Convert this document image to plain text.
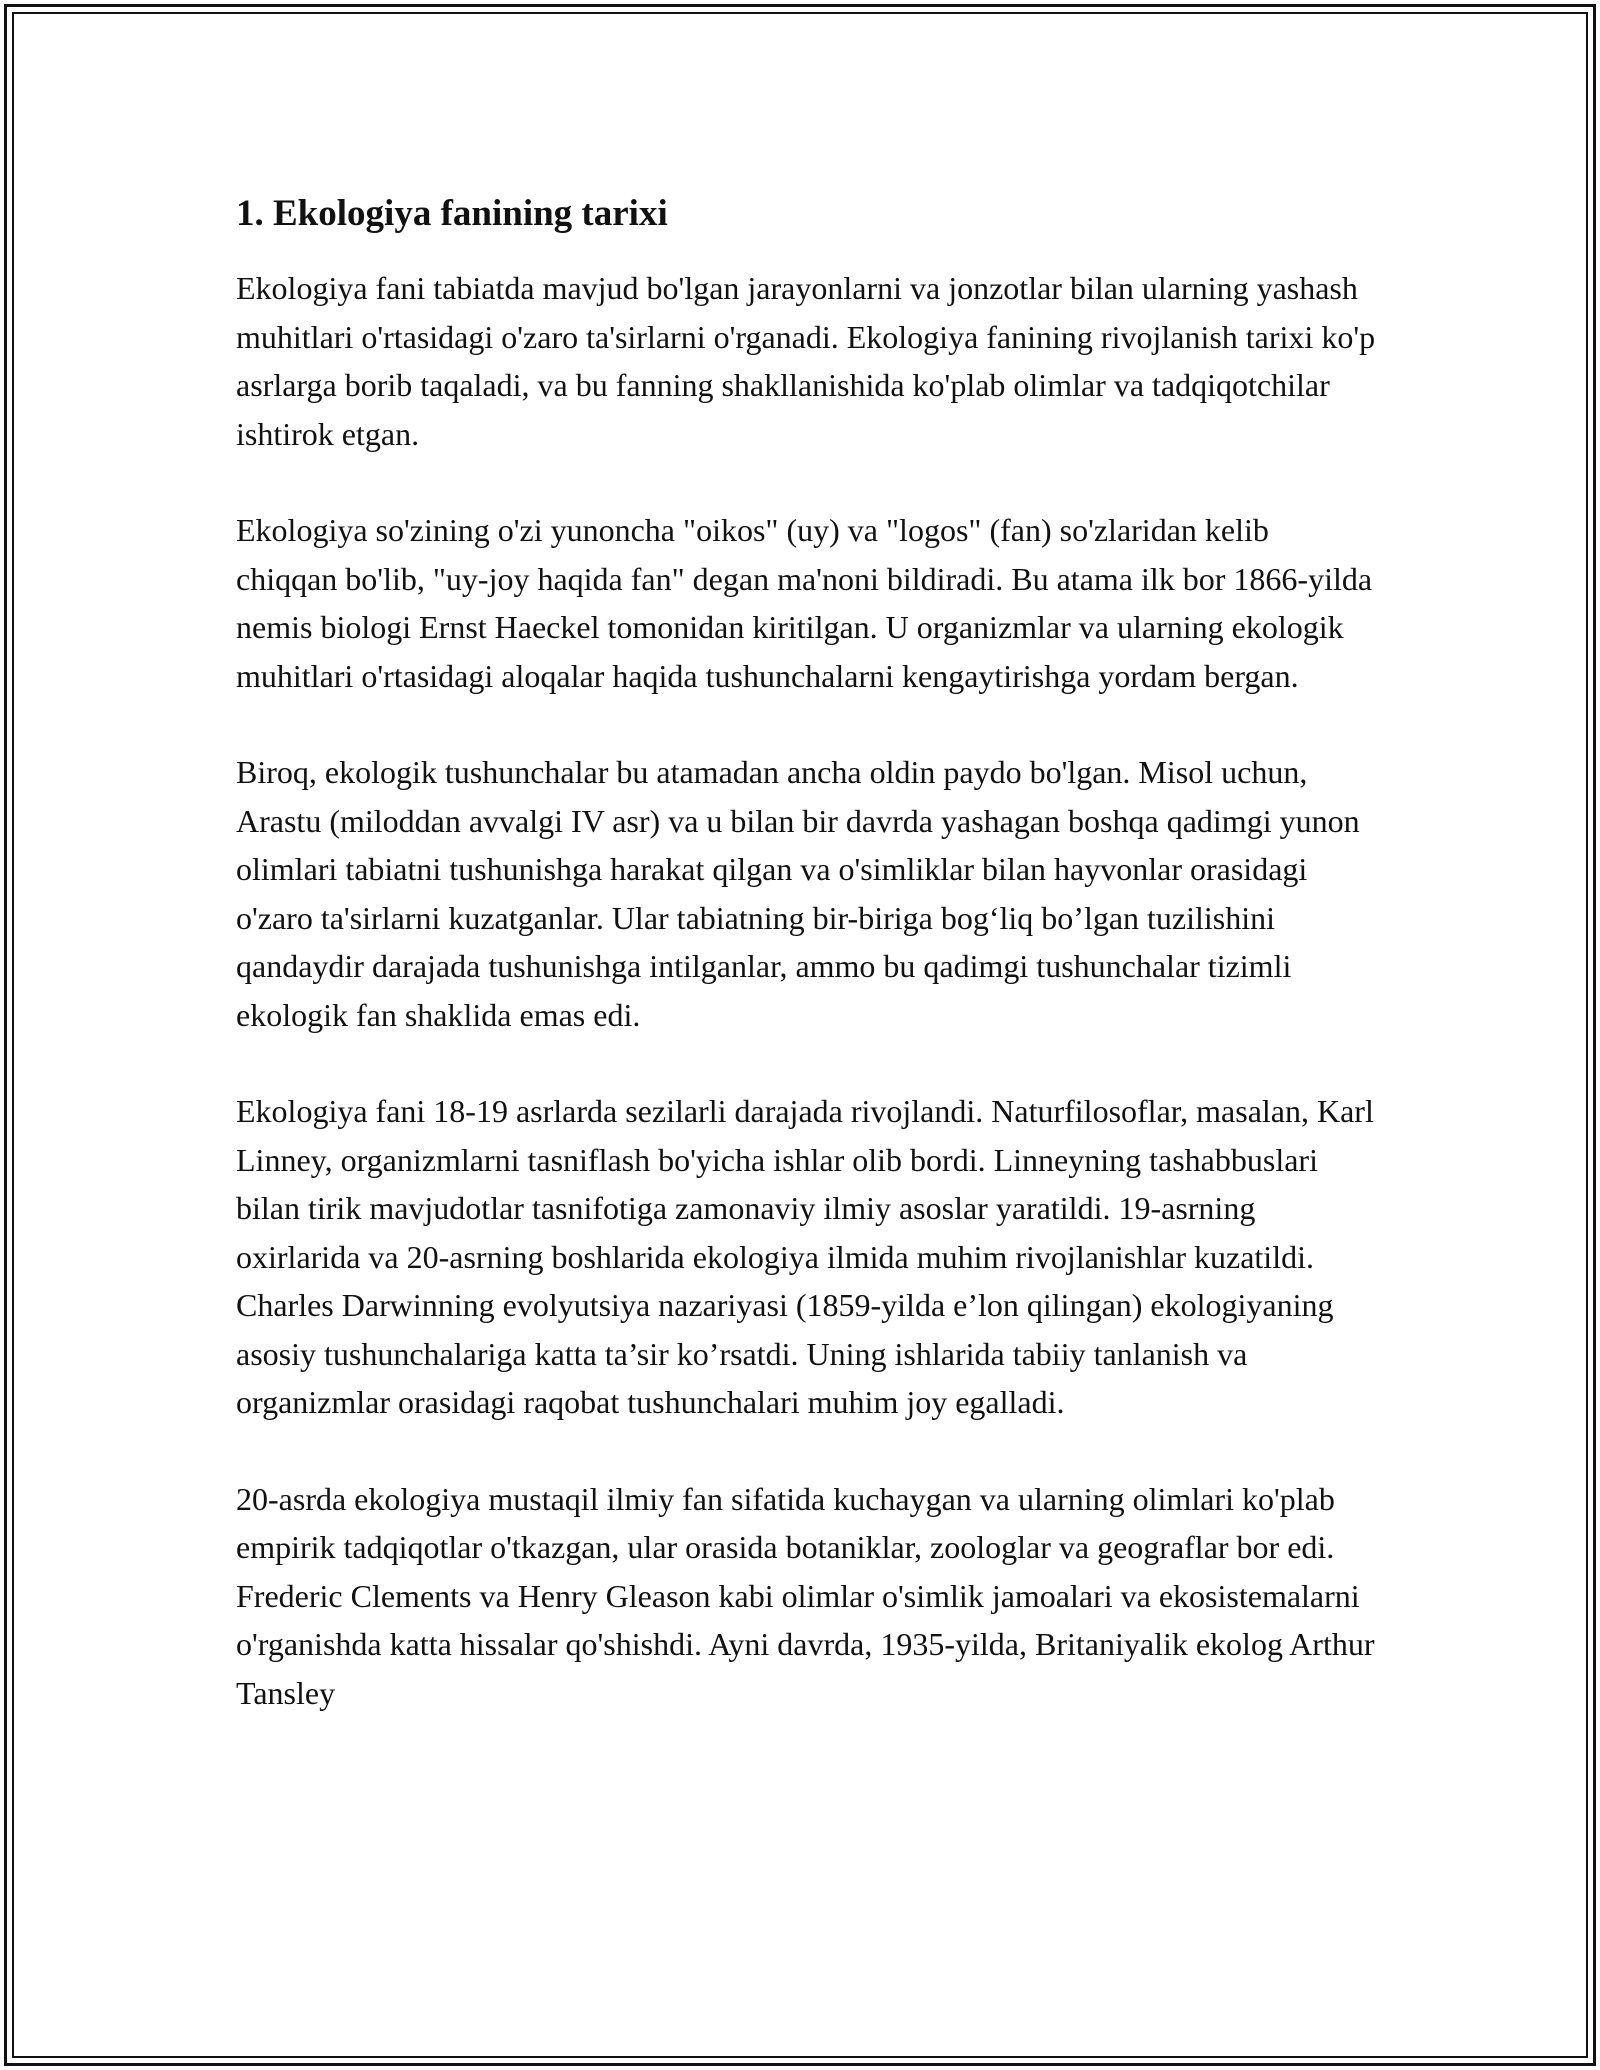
1. Ekologiya fanining tarixi

Ekologiya fani tabiatda mavjud bo'lgan jarayonlarni va jonzotlar bilan ularning yashash muhitlari o'rtasidagi o'zaro ta'sirlarni o'rganadi. Ekologiya fanining rivojlanish tarixi ko'p asrlarga borib taqaladi, va bu fanning shakllanishida ko'plab olimlar va tadqiqotchilar ishtirok etgan.

Ekologiya so'zining o'zi yunoncha "oikos" (uy) va "logos" (fan) so'zlaridan kelib chiqqan bo'lib, "uy-joy haqida fan" degan ma'noni bildiradi. Bu atama ilk bor 1866-yilda nemis biologi Ernst Haeckel tomonidan kiritilgan. U organizmlar va ularning ekologik muhitlari o'rtasidagi aloqalar haqida tushunchalarni kengaytirishga yordam bergan.

Biroq, ekologik tushunchalar bu atamadan ancha oldin paydo bo'lgan. Misol uchun, Arastu (miloddan avvalgi IV asr) va u bilan bir davrda yashagan boshqa qadimgi yunon olimlari tabiatni tushunishga harakat qilgan va o'simliklar bilan hayvonlar orasidagi o'zaro ta'sirlarni kuzatganlar. Ular tabiatning bir-biriga bog‘liq bo’lgan tuzilishini qandaydir darajada tushunishga intilganlar, ammo bu qadimgi tushunchalar tizimli ekologik fan shaklida emas edi.

Ekologiya fani 18-19 asrlarda sezilarli darajada rivojlandi. Naturfilosoflar, masalan, Karl Linney, organizmlarni tasniflash bo'yicha ishlar olib bordi. Linneyning tashabbuslari bilan tirik mavjudotlar tasnifotiga zamonaviy ilmiy asoslar yaratildi. 19-asrning oxirlarida va 20-asrning boshlarida ekologiya ilmida muhim rivojlanishlar kuzatildi. Charles Darwinning evolyutsiya nazariyasi (1859-yilda e’lon qilingan) ekologiyaning asosiy tushunchalariga katta ta’sir ko’rsatdi. Uning ishlarida tabiiy tanlanish va organizmlar orasidagi raqobat tushunchalari muhim joy egalladi.

20-asrda ekologiya mustaqil ilmiy fan sifatida kuchaygan va ularning olimlari ko'plab empirik tadqiqotlar o'tkazgan, ular orasida botaniklar, zoologlar va geograflar bor edi. Frederic Clements va Henry Gleason kabi olimlar o'simlik jamoalari va ekosistemalarni o'rganishda katta hissalar qo'shishdi. Ayni davrda, 1935-yilda, Britaniyalik ekolog Arthur Tansley
